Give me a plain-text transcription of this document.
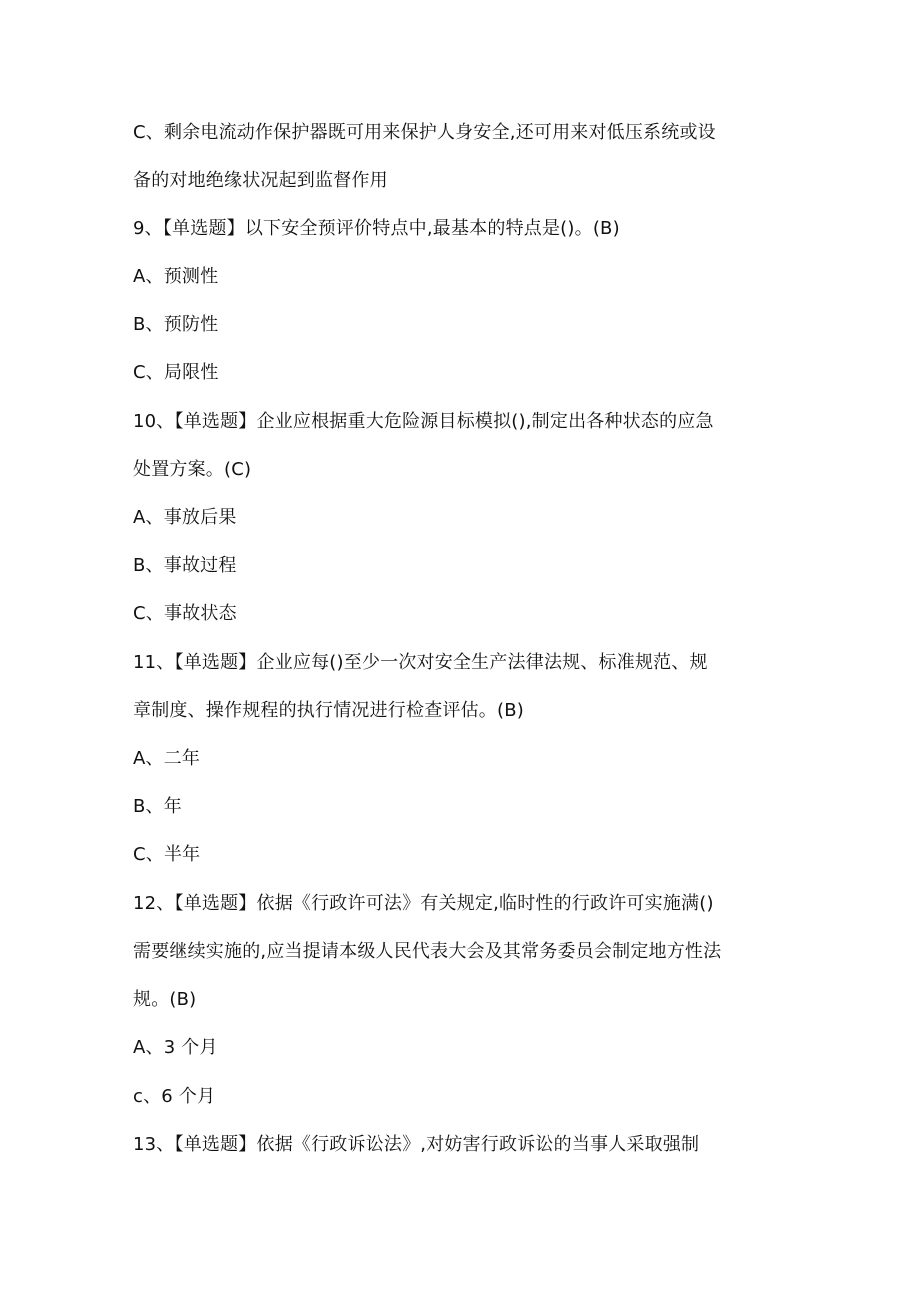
C、剩余电流动作保护器既可用来保护人身安全,还可用来对低压系统或设
备的对地绝缘状况起到监督作用
9、【单选题】以下安全预评价特点中,最基本的特点是()。(B)
A、预测性
B、预防性
C、局限性
10、【单选题】企业应根据重大危险源目标模拟(),制定出各种状态的应急
处置方案。(C)
A、事放后果
B、事故过程
C、事故状态
11、【单选题】企业应每()至少一次对安全生产法律法规、标准规范、规
章制度、操作规程的执行情况进行检查评估。(B)
A、二年
B、年
C、半年
12、【单选题】依据《行政许可法》有关规定,临时性的行政许可实施满()
需要继续实施的,应当提请本级人民代表大会及其常务委员会制定地方性法
规。(B)
A、3 个月
c、6 个月
13、【单选题】依据《行政诉讼法》,对妨害行政诉讼的当事人采取强制
